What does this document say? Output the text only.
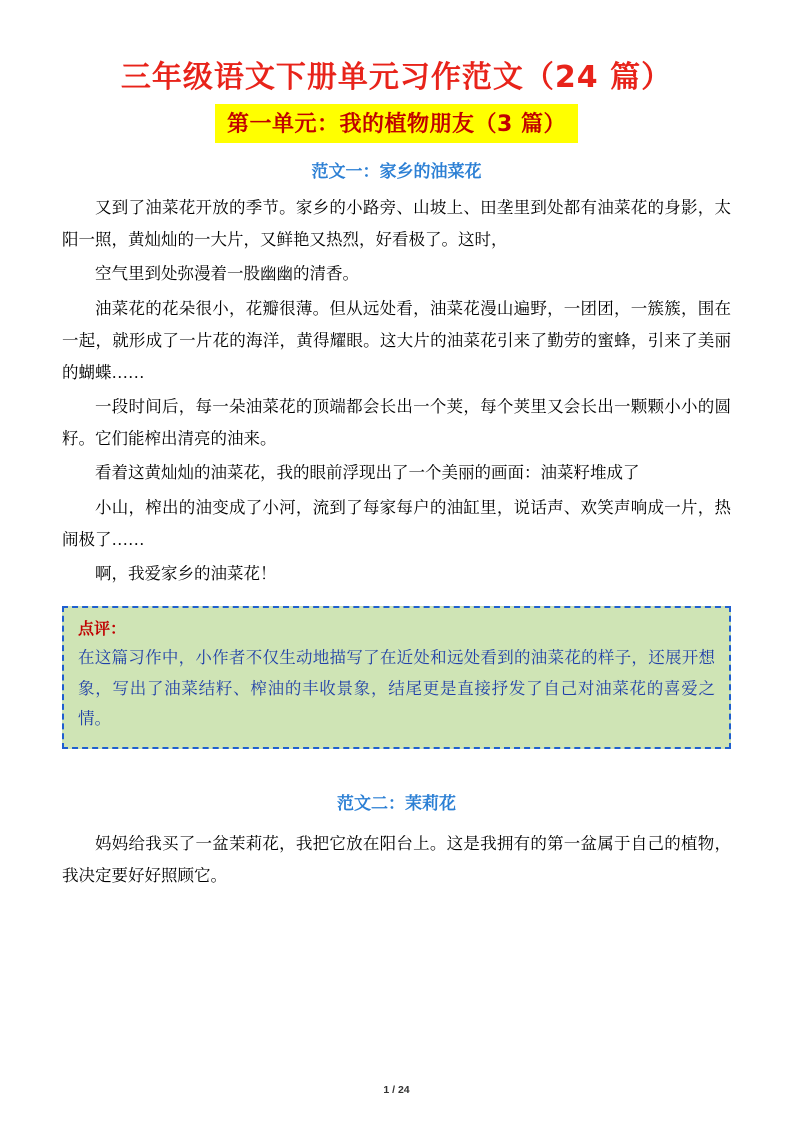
三年级语文下册单元习作范文（24 篇）
第一单元：我的植物朋友（3 篇）
范文一：家乡的油菜花

又到了油菜花开放的季节。家乡的小路旁、山坡上、田垄里到处都有油菜花的身影，太阳一照，黄灿灿的一大片，又鲜艳又热烈，好看极了。这时，

空气里到处弥漫着一股幽幽的清香。

油菜花的花朵很小，花瓣很薄。但从远处看，油菜花漫山遍野，一团团，一簇簇，围在一起，就形成了一片花的海洋，黄得耀眼。这大片的油菜花引来了勤劳的蜜蜂，引来了美丽的蝴蝶……

一段时间后，每一朵油菜花的顶端都会长出一个荚，每个荚里又会长出一颗颗小小的圆籽。它们能榨出清亮的油来。

看着这黄灿灿的油菜花，我的眼前浮现出了一个美丽的画面：油菜籽堆成了

小山，榨出的油变成了小河，流到了每家每户的油缸里，说话声、欢笑声响成一片，热闹极了……

啊，我爱家乡的油菜花！

点评：
在这篇习作中，小作者不仅生动地描写了在近处和远处看到的油菜花的样子，还展开想象，写出了油菜结籽、榨油的丰收景象，结尾更是直接抒发了自己对油菜花的喜爱之情。
范文二：茉莉花

妈妈给我买了一盆茉莉花，我把它放在阳台上。这是我拥有的第一盆属于自己的植物，我决定要好好照顾它。

1 / 24
